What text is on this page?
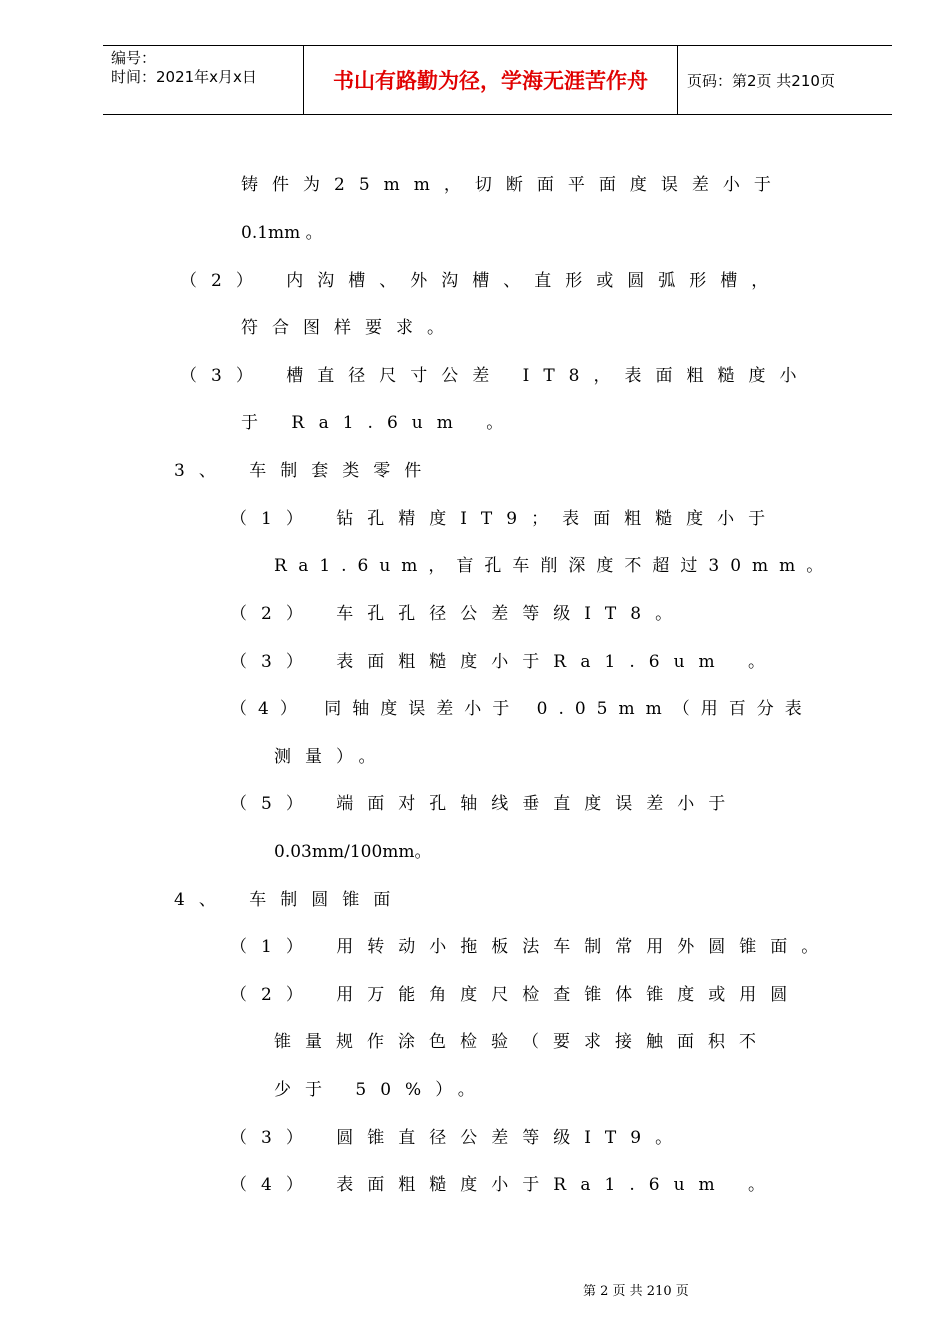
编号：
时间：2021年x月x日	书山有路勤为径，学海无涯苦作舟	页码：第2页 共210页
铸件为25mm，切断面平面度误差小于
0.1mm 。
（2） 内沟槽、外沟槽、直形或圆弧形槽，
符合图样要求。
（3） 槽直径尺寸公差 IT8，表面粗糙度小
于 Ra1.6um 。
3、 车制套类零件
（1） 钻孔精度IT9；表面粗糙度小于
Ra1.6um，盲孔车削深度不超过30mm。
（2） 车孔孔径公差等级IT8。
（3） 表面粗糙度小于Ra1.6um 。
（4） 同轴度误差小于 0.05mm（用百分表
测量）。
（5） 端面对孔轴线垂直度误差小于
0.03mm/100mm。
4、 车制圆锥面
（1） 用转动小拖板法车制常用外圆锥面。
（2） 用万能角度尺检查锥体锥度或用圆
锥量规作涂色检验（要求接触面积不
少于 50%）。
（3） 圆锥直径公差等级IT9。
（4） 表面粗糙度小于Ra1.6um 。
第 2 页 共 210 页
